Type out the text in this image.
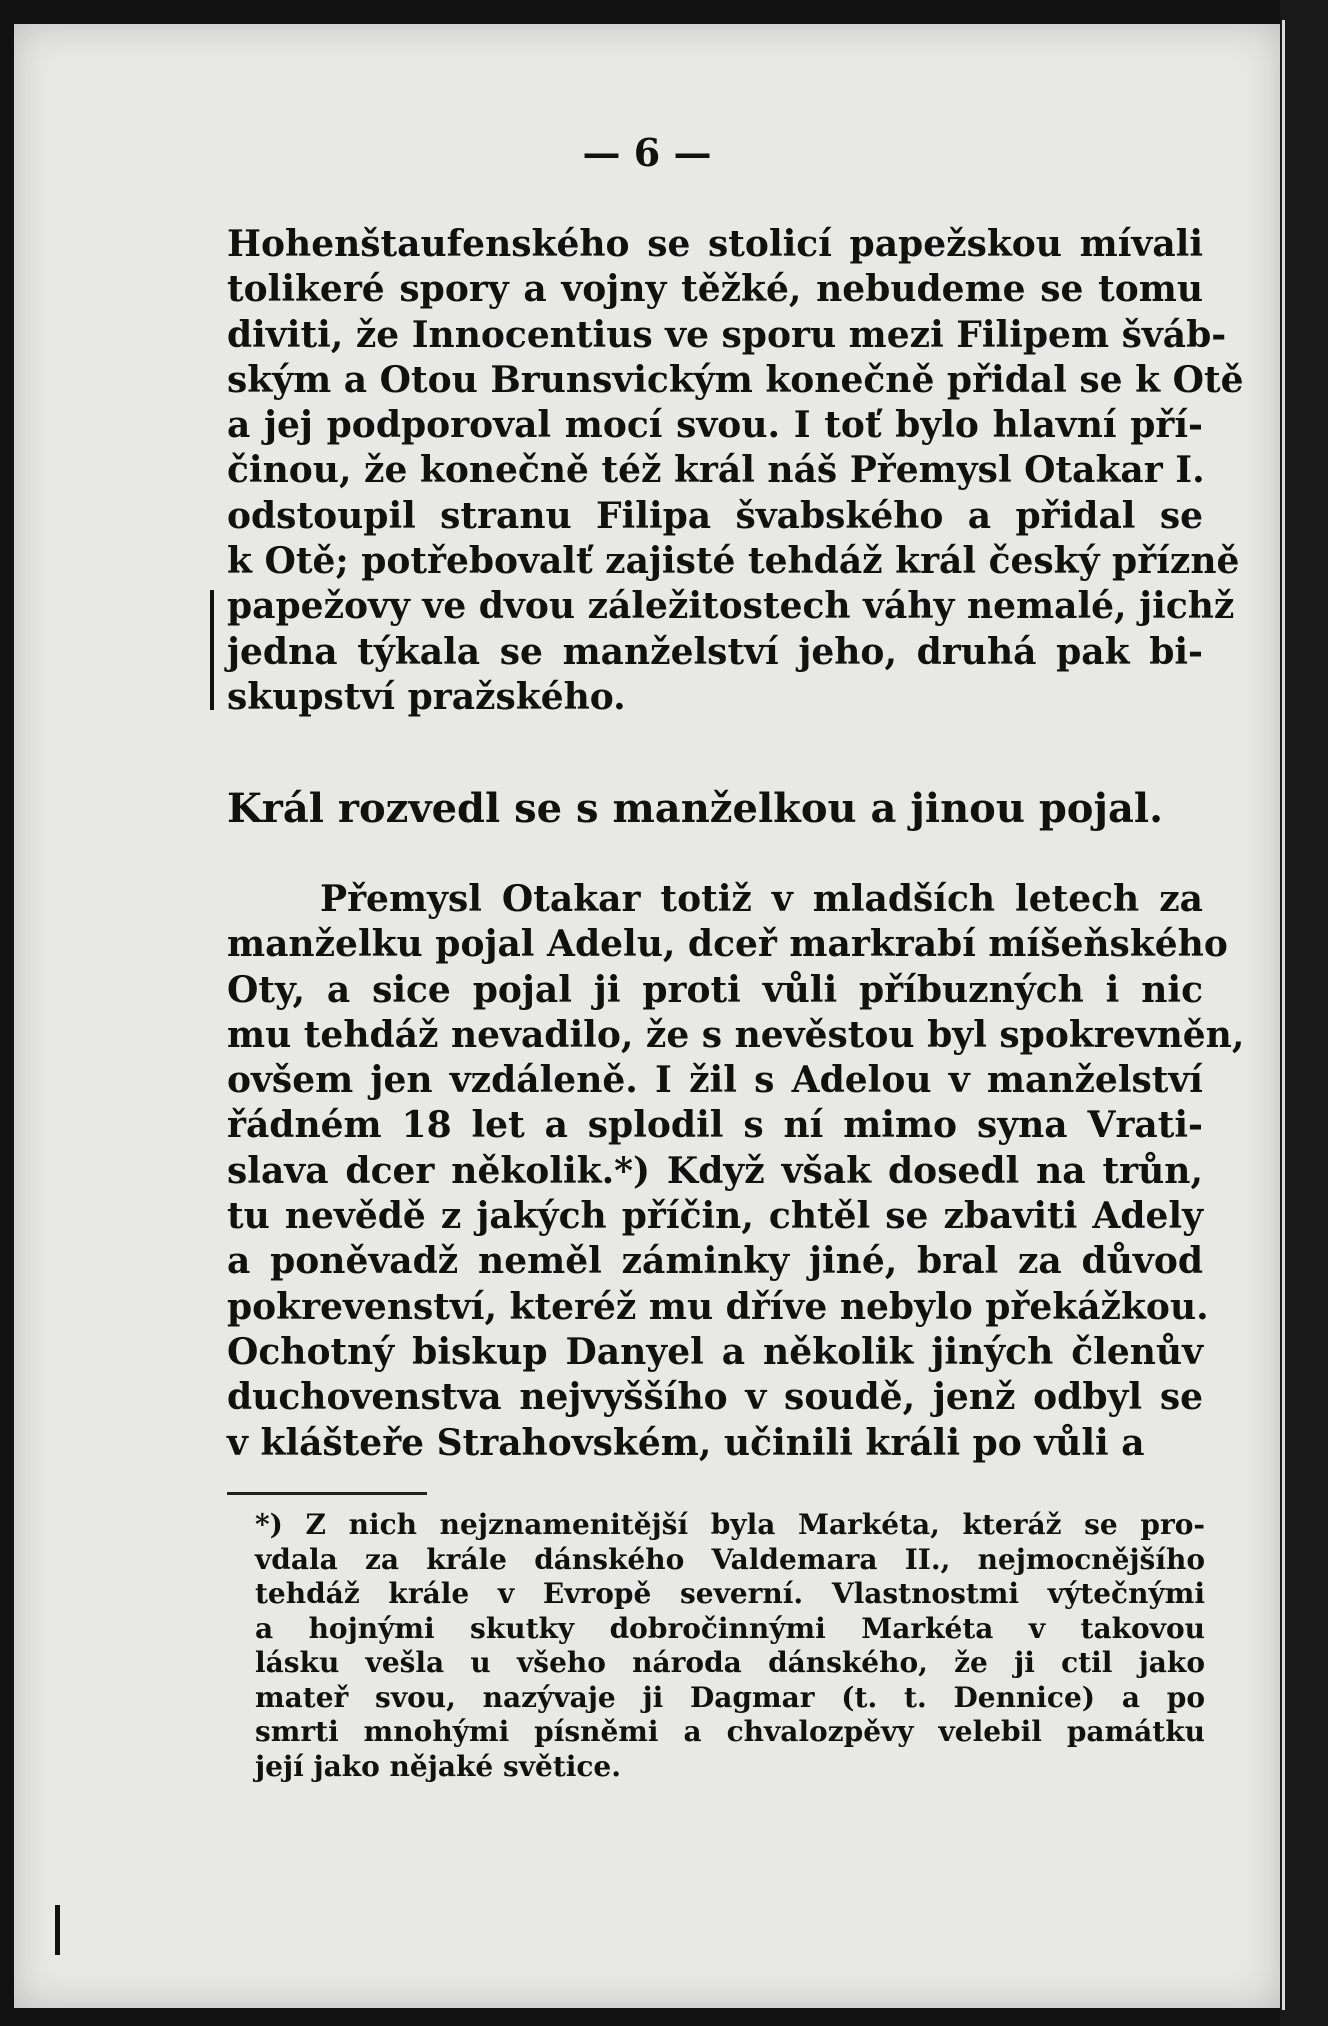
— 6 —
Hohenštaufenského se stolicí papežskou mívali
tolikeré spory a vojny těžké, nebudeme se tomu
diviti, že Innocentius ve sporu mezi Filipem šváb-
ským a Otou Brunsvickým konečně přidal se k Otě
a jej podporoval mocí svou. I toť bylo hlavní pří-
činou, že konečně též král náš Přemysl Otakar I.
odstoupil stranu Filipa švabského a přidal se
k Otě; potřebovalť zajisté tehdáž král český přízně
papežovy ve dvou záležitostech váhy nemalé, jichž
jedna týkala se manželství jeho, druhá pak bi-
skupství pražského.
Král rozvedl se s manželkou a jinou pojal.
Přemysl Otakar totiž v mladších letech za
manželku pojal Adelu, dceř markrabí míšeňského
Oty, a sice pojal ji proti vůli příbuzných i nic
mu tehdáž nevadilo, že s nevěstou byl spokrevněn,
ovšem jen vzdáleně. I žil s Adelou v manželství
řádném 18 let a splodil s ní mimo syna Vrati-
slava dcer několik.*) Když však dosedl na trůn,
tu nevědě z jakých příčin, chtěl se zbaviti Adely
a poněvadž neměl záminky jiné, bral za důvod
pokrevenství, kteréž mu dříve nebylo překážkou.
Ochotný biskup Danyel a několik jiných členův
duchovenstva nejvyššího v soudě, jenž odbyl se
v klášteře Strahovském, učinili králi po vůli a
*) Z nich nejznamenitější byla Markéta, kteráž se pro-
vdala za krále dánského Valdemara II., nejmocnějšího
tehdáž krále v Evropě severní. Vlastnostmi výtečnými
a hojnými skutky dobročinnými Markéta v takovou
lásku vešla u všeho národa dánského, že ji ctil jako
mateř svou, nazývaje ji Dagmar (t. t. Dennice) a po
smrti mnohými písněmi a chvalozpěvy velebil památku
její jako nějaké světice.
